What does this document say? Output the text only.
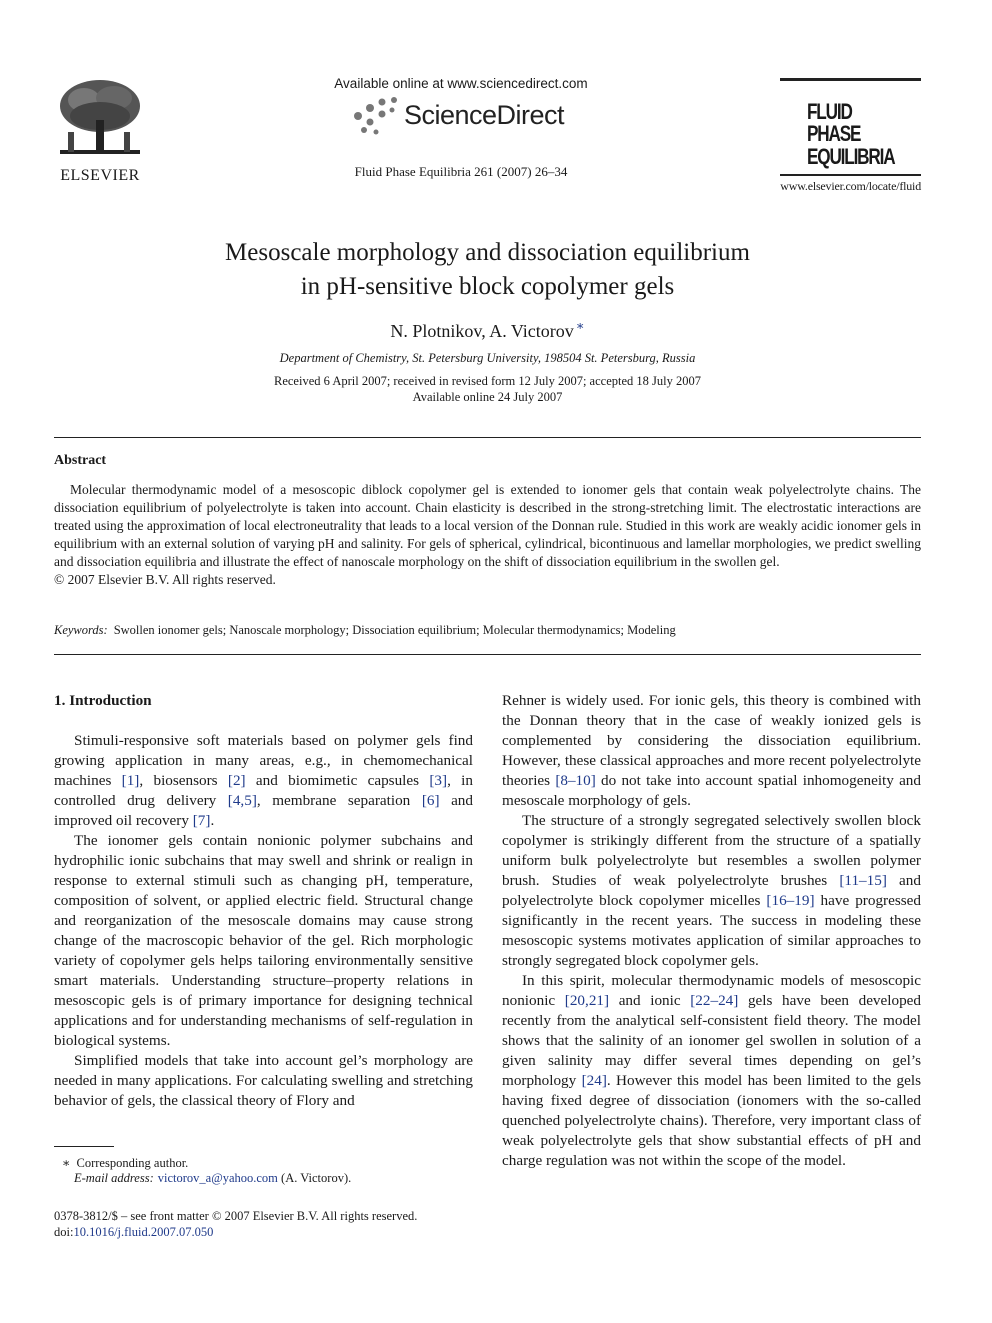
ELSEVIER
Available online at www.sciencedirect.com
ScienceDirect
Fluid Phase Equilibria 261 (2007) 26–34
FLUID PHASE
EQUILIBRIA
www.elsevier.com/locate/fluid
Mesoscale morphology and dissociation equilibrium
in pH-sensitive block copolymer gels
N. Plotnikov, A. Victorov ∗
Department of Chemistry, St. Petersburg University, 198504 St. Petersburg, Russia
Received 6 April 2007; received in revised form 12 July 2007; accepted 18 July 2007
Available online 24 July 2007
Abstract
Molecular thermodynamic model of a mesoscopic diblock copolymer gel is extended to ionomer gels that contain weak polyelectrolyte chains. The dissociation equilibrium of polyelectrolyte is taken into account. Chain elasticity is described in the strong-stretching limit. The electrostatic interactions are treated using the approximation of local electroneutrality that leads to a local version of the Donnan rule. Studied in this work are weakly acidic ionomer gels in equilibrium with an external solution of varying pH and salinity. For gels of spherical, cylindrical, bicontinuous and lamellar morphologies, we predict swelling and dissociation equilibria and illustrate the effect of nanoscale morphology on the shift of dissociation equilibrium in the swollen gel.
© 2007 Elsevier B.V. All rights reserved.
Keywords: Swollen ionomer gels; Nanoscale morphology; Dissociation equilibrium; Molecular thermodynamics; Modeling

1. Introduction

Stimuli-responsive soft materials based on polymer gels find growing application in many areas, e.g., in chemomechanical machines [1], biosensors [2] and biomimetic capsules [3], in controlled drug delivery [4,5], membrane separation [6] and improved oil recovery [7].

The ionomer gels contain nonionic polymer subchains and hydrophilic ionic subchains that may swell and shrink or realign in response to external stimuli such as changing pH, temperature, composition of solvent, or applied electric field. Structural change and reorganization of the mesoscale domains may cause strong change of the macroscopic behavior of the gel. Rich morphologic variety of copolymer gels helps tailoring environmentally sensitive smart materials. Understanding structure–property relations in mesoscopic gels is of primary importance for designing technical applications and for understanding mechanisms of self-regulation in biological systems.

Simplified models that take into account gel’s morphology are needed in many applications. For calculating swelling and stretching behavior of gels, the classical theory of Flory and

Rehner is widely used. For ionic gels, this theory is combined with the Donnan theory that in the case of weakly ionized gels is complemented by considering the dissociation equilibrium. However, these classical approaches and more recent polyelectrolyte theories [8–10] do not take into account spatial inhomogeneity and mesoscale morphology of gels.

The structure of a strongly segregated selectively swollen block copolymer is strikingly different from the structure of a spatially uniform bulk polyelectrolyte but resembles a swollen polymer brush. Studies of weak polyelectrolyte brushes [11–15] and polyelectrolyte block copolymer micelles [16–19] have progressed significantly in the recent years. The success in modeling these mesoscopic systems motivates application of similar approaches to strongly segregated block copolymer gels.

In this spirit, molecular thermodynamic models of mesoscopic nonionic [20,21] and ionic [22–24] gels have been developed recently from the analytical self-consistent field theory. The model shows that the salinity of an ionomer gel swollen in solution of a given salinity may differ several times depending on gel’s morphology [24]. However this model has been limited to the gels having fixed degree of dissociation (ionomers with the so-called quenched polyelectrolyte chains). Therefore, very important class of weak polyelectrolyte gels that show substantial effects of pH and charge regulation was not within the scope of the model.

∗ Corresponding author.
E-mail address: victorov_a@yahoo.com (A. Victorov).
0378-3812/$ – see front matter © 2007 Elsevier B.V. All rights reserved.
doi:10.1016/j.fluid.2007.07.050
